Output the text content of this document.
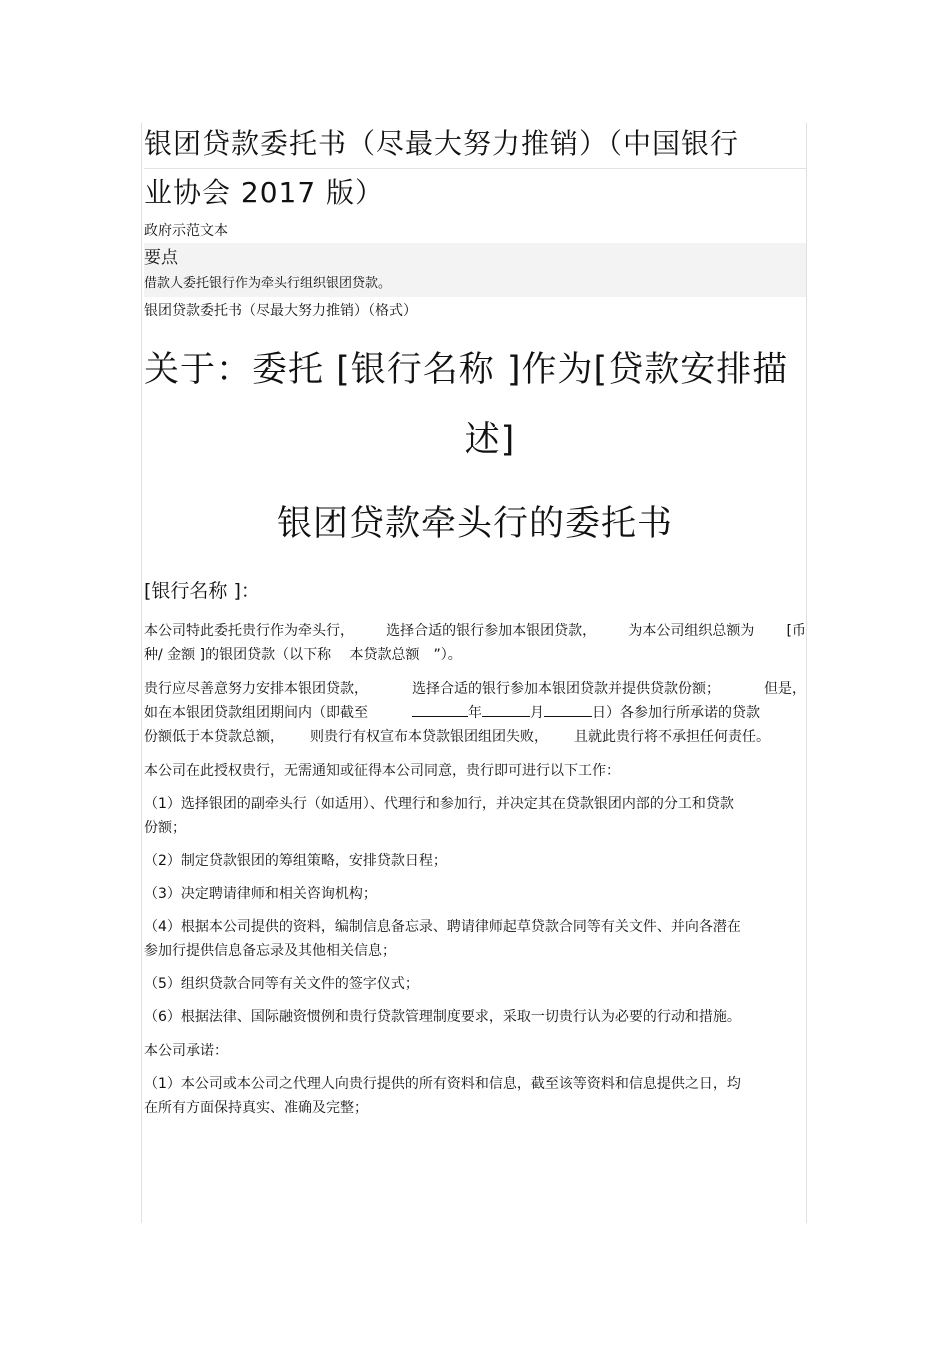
银团贷款委托书（尽最大努力推销）（中国银行
业协会 2017 版）
政府示范文本
要点
借款人委托银行作为牵头行组织银团贷款。
银团贷款委托书（尽最大努力推销）（格式）
关于：委托 [银行名称 ]作为[贷款安排描
述]
银团贷款牵头行的委托书
[银行名称 ]：
本公司特此委托贵行作为牵头行， 选择合适的银行参加本银团贷款， 为本公司组织总额为 [币
种/ 金额 ]的银团贷款（以下称　 本贷款总额　”）。
贵行应尽善意努力安排本银团贷款，	选择合适的银行参加本银团贷款并提供贷款份额；	但是，
如在本银团贷款组团期间内（即截至	年	月	日）各参加行所承诺的贷款
份额低于本贷款总额， 则贵行有权宣布本贷款银团组团失败， 且就此贵行将不承担任何责任。
本公司在此授权贵行，无需通知或征得本公司同意，贵行即可进行以下工作：
（1）选择银团的副牵头行（如适用）、代理行和参加行，并决定其在贷款银团内部的分工和贷款份额；
（2）制定贷款银团的筹组策略，安排贷款日程；
（3）决定聘请律师和相关咨询机构；
（4）根据本公司提供的资料，编制信息备忘录、聘请律师起草贷款合同等有关文件、并向各潜在参加行提供信息备忘录及其他相关信息；
（5）组织贷款合同等有关文件的签字仪式；
（6）根据法律、国际融资惯例和贵行贷款管理制度要求，采取一切贵行认为必要的行动和措施。
本公司承诺：
（1）本公司或本公司之代理人向贵行提供的所有资料和信息，截至该等资料和信息提供之日，均在所有方面保持真实、准确及完整；
